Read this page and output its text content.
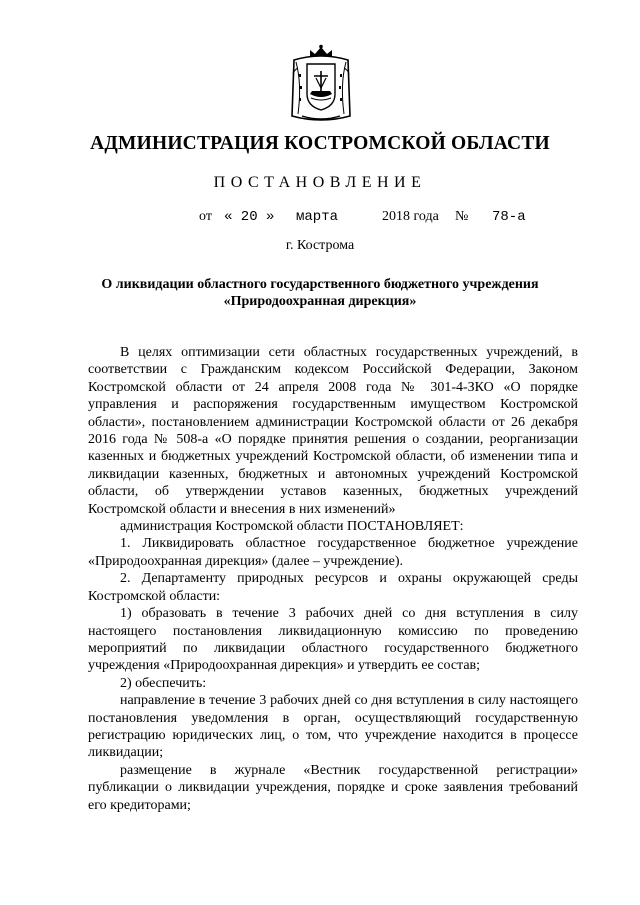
АДМИНИСТРАЦИЯ КОСТРОМСКОЙ ОБЛАСТИ
ПОСТАНОВЛЕНИЕ
от « 20 » марта	2018 года № 78-а
г. Кострома
О ликвидации областного государственного бюджетного учреждения
«Природоохранная дирекция»

В целях оптимизации сети областных государственных учреждений, в соответствии с Гражданским кодексом Российской Федерации, Законом Костромской области от 24 апреля 2008 года № 301-4-ЗКО «О порядке управления и распоряжения государственным имуществом Костромской области», постановлением администрации Костромской области от 26 декабря 2016 года № 508-а «О порядке принятия решения о создании, реорганизации казенных и бюджетных учреждений Костромской области, об изменении типа и ликвидации казенных, бюджетных и автономных учреждений Костромской области, об утверждении уставов казенных, бюджетных учреждений Костромской области и внесения в них изменений»

администрация Костромской области ПОСТАНОВЛЯЕТ:

1. Ликвидировать областное государственное бюджетное учреждение «Природоохранная дирекция» (далее – учреждение).

2. Департаменту природных ресурсов и охраны окружающей среды Костромской области:

1) образовать в течение 3 рабочих дней со дня вступления в силу настоящего постановления ликвидационную комиссию по проведению мероприятий по ликвидации областного государственного бюджетного учреждения «Природоохранная дирекция» и утвердить ее состав;

2) обеспечить:

направление в течение 3 рабочих дней со дня вступления в силу настоящего постановления уведомления в орган, осуществляющий государственную регистрацию юридических лиц, о том, что учреждение находится в процессе ликвидации;

размещение в журнале «Вестник государственной регистрации» публикации о ликвидации учреждения, порядке и сроке заявления требований его кредиторами;
